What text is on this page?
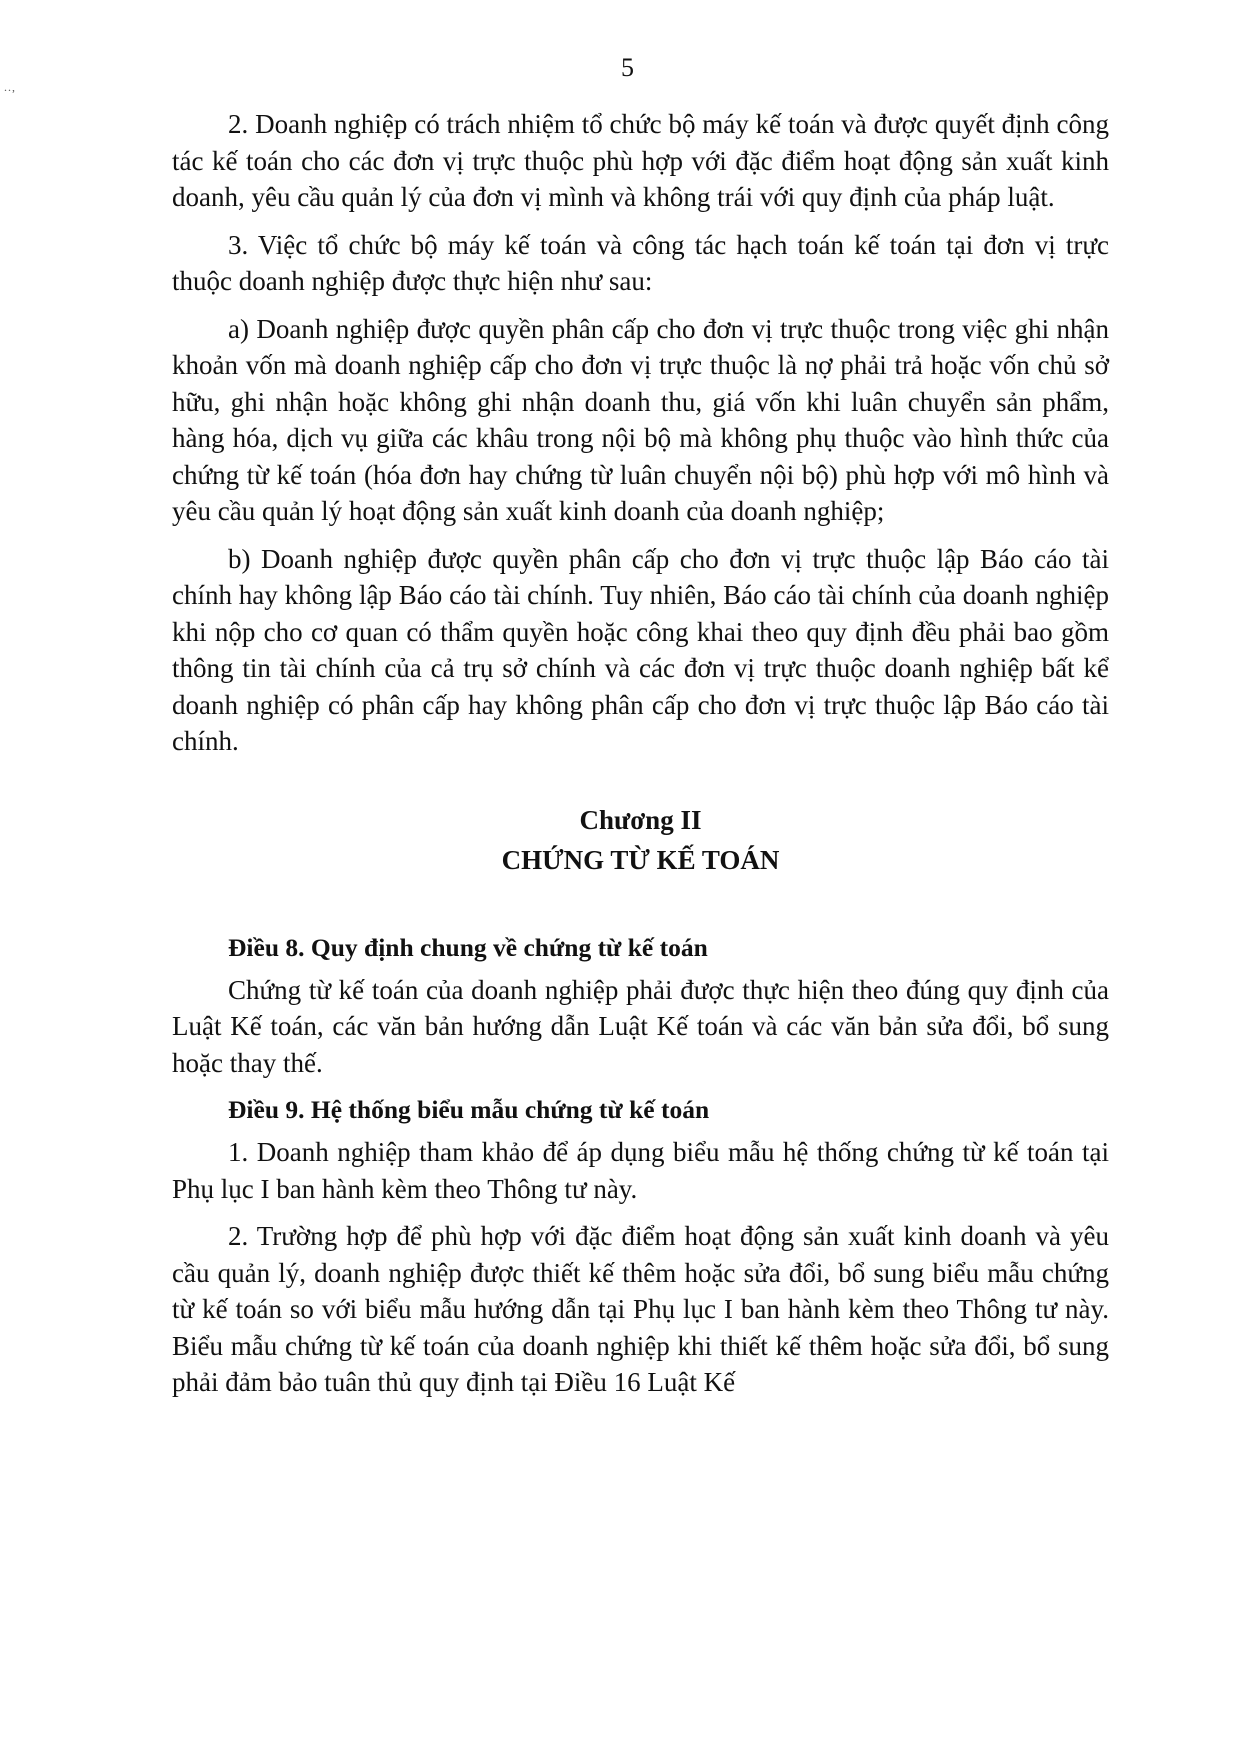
..,
5

2. Doanh nghiệp có trách nhiệm tổ chức bộ máy kế toán và được quyết định công tác kế toán cho các đơn vị trực thuộc phù hợp với đặc điểm hoạt động sản xuất kinh doanh, yêu cầu quản lý của đơn vị mình và không trái với quy định của pháp luật.

3. Việc tổ chức bộ máy kế toán và công tác hạch toán kế toán tại đơn vị trực thuộc doanh nghiệp được thực hiện như sau:

a) Doanh nghiệp được quyền phân cấp cho đơn vị trực thuộc trong việc ghi nhận khoản vốn mà doanh nghiệp cấp cho đơn vị trực thuộc là nợ phải trả hoặc vốn chủ sở hữu, ghi nhận hoặc không ghi nhận doanh thu, giá vốn khi luân chuyển sản phẩm, hàng hóa, dịch vụ giữa các khâu trong nội bộ mà không phụ thuộc vào hình thức của chứng từ kế toán (hóa đơn hay chứng từ luân chuyển nội bộ) phù hợp với mô hình và yêu cầu quản lý hoạt động sản xuất kinh doanh của doanh nghiệp;

b) Doanh nghiệp được quyền phân cấp cho đơn vị trực thuộc lập Báo cáo tài chính hay không lập Báo cáo tài chính. Tuy nhiên, Báo cáo tài chính của doanh nghiệp khi nộp cho cơ quan có thẩm quyền hoặc công khai theo quy định đều phải bao gồm thông tin tài chính của cả trụ sở chính và các đơn vị trực thuộc doanh nghiệp bất kể doanh nghiệp có phân cấp hay không phân cấp cho đơn vị trực thuộc lập Báo cáo tài chính.

Chương II
CHỨNG TỪ KẾ TOÁN
Điều 8. Quy định chung về chứng từ kế toán

Chứng từ kế toán của doanh nghiệp phải được thực hiện theo đúng quy định của Luật Kế toán, các văn bản hướng dẫn Luật Kế toán và các văn bản sửa đổi, bổ sung hoặc thay thế.

Điều 9. Hệ thống biểu mẫu chứng từ kế toán

1. Doanh nghiệp tham khảo để áp dụng biểu mẫu hệ thống chứng từ kế toán tại Phụ lục I ban hành kèm theo Thông tư này.

2. Trường hợp để phù hợp với đặc điểm hoạt động sản xuất kinh doanh và yêu cầu quản lý, doanh nghiệp được thiết kế thêm hoặc sửa đổi, bổ sung biểu mẫu chứng từ kế toán so với biểu mẫu hướng dẫn tại Phụ lục I ban hành kèm theo Thông tư này. Biểu mẫu chứng từ kế toán của doanh nghiệp khi thiết kế thêm hoặc sửa đổi, bổ sung phải đảm bảo tuân thủ quy định tại Điều 16 Luật Kế
